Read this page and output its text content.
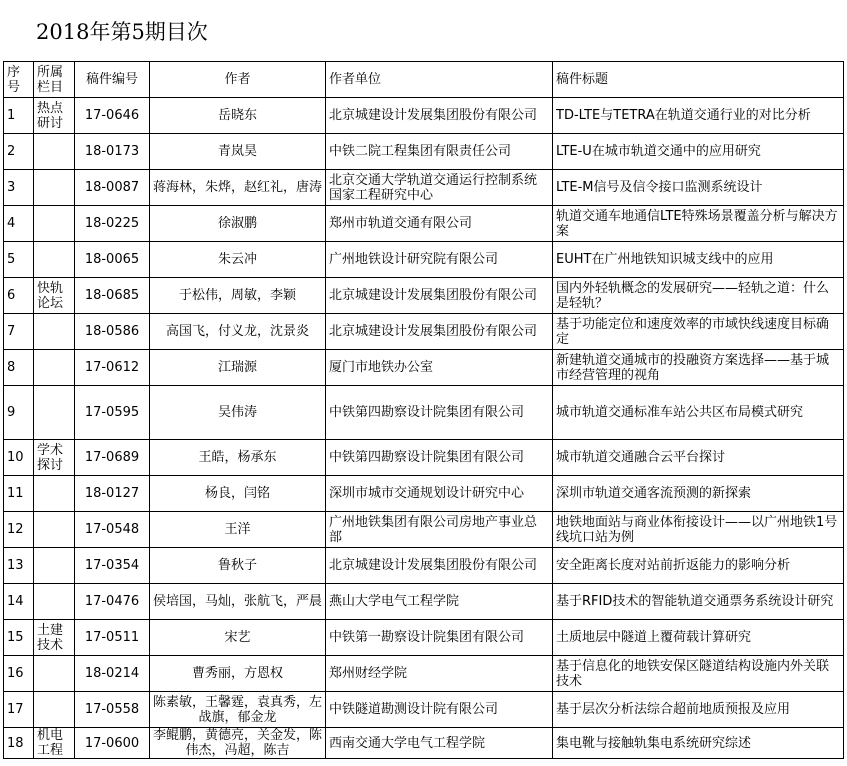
2018年第5期目次
序号	所属栏目	稿件编号	作者	作者单位	稿件标题
1	热点研讨	17-0646	岳晓东	北京城建设计发展集团股份有限公司	TD-LTE与TETRA在轨道交通行业的对比分析
2		18-0173	青岚昊	中铁二院工程集团有限责任公司	LTE-U在城市轨道交通中的应用研究
3		18-0087	蒋海林，朱烨，赵红礼，唐涛	北京交通大学轨道交通运行控制系统国家工程研究中心	LTE-M信号及信令接口监测系统设计
4		18-0225	徐淑鹏	郑州市轨道交通有限公司	轨道交通车地通信LTE特殊场景覆盖分析与解决方案
5		18-0065	朱云冲	广州地铁设计研究院有限公司	EUHT在广州地铁知识城支线中的应用
6	快轨论坛	18-0685	于松伟，周敏，李颖	北京城建设计发展集团股份有限公司	国内外轻轨概念的发展研究——轻轨之道：什么是轻轨？
7		18-0586	高国飞，付义龙，沈景炎	北京城建设计发展集团股份有限公司	基于功能定位和速度效率的市域快线速度目标确定
8		17-0612	江瑞源	厦门市地铁办公室	新建轨道交通城市的投融资方案选择——基于城市经营管理的视角
9		17-0595	吴伟涛	中铁第四勘察设计院集团有限公司	城市轨道交通标准车站公共区布局模式研究
10	学术探讨	17-0689	王皓，杨承东	中铁第四勘察设计院集团有限公司	城市轨道交通融合云平台探讨
11		18-0127	杨良，闫铭	深圳市城市交通规划设计研究中心	深圳市轨道交通客流预测的新探索
12		17-0548	王洋	广州地铁集团有限公司房地产事业总部	地铁地面站与商业体衔接设计——以广州地铁1号线坑口站为例
13		17-0354	鲁秋子	北京城建设计发展集团股份有限公司	安全距离长度对站前折返能力的影响分析
14		17-0476	侯培国，马灿，张航飞，严晨	燕山大学电气工程学院	基于RFID技术的智能轨道交通票务系统设计研究
15	土建技术	17-0511	宋艺	中铁第一勘察设计院集团有限公司	土质地层中隧道上覆荷载计算研究
16		18-0214	曹秀丽，方恩权	郑州财经学院	基于信息化的地铁安保区隧道结构设施内外关联技术
17		17-0558	陈素敏，王馨霆，袁真秀，左战旗，郁金龙	中铁隧道勘测设计院有限公司	基于层次分析法综合超前地质预报及应用
18	机电工程	17-0600	李鲲鹏，黄德亮，关金发，陈伟杰，冯超，陈吉	西南交通大学电气工程学院	集电靴与接触轨集电系统研究综述
